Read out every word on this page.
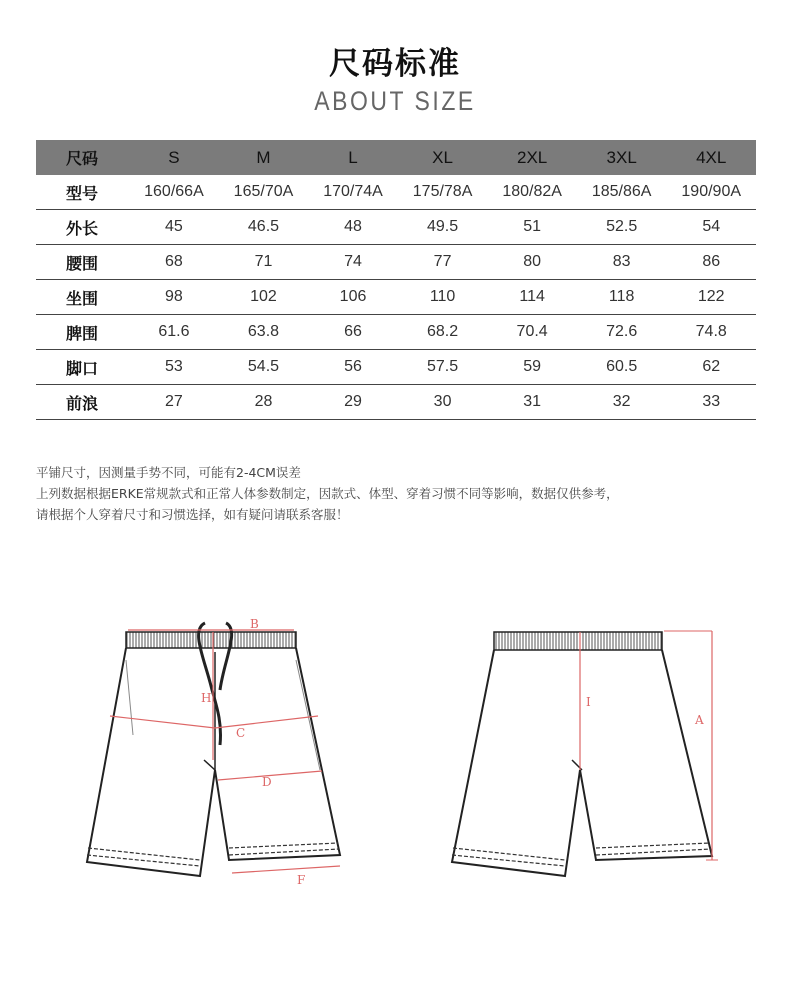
尺码标准
ABOUT SIZE
尺码	S	M	L	XL	2XL	3XL	4XL
型号	160/66A	165/70A	170/74A	175/78A	180/82A	185/86A	190/90A
外长	45	46.5	48	49.5	51	52.5	54
腰围	68	71	74	77	80	83	86
坐围	98	102	106	110	114	118	122
脾围	61.6	63.8	66	68.2	70.4	72.6	74.8
脚口	53	54.5	56	57.5	59	60.5	62
前浪	27	28	29	30	31	32	33
平铺尺寸，因测量手势不同，可能有2-4CM误差
上列数据根据ERKE常规款式和正常人体参数制定，因款式、体型、穿着习惯不同等影响，数据仅供参考，
请根据个人穿着尺寸和习惯选择，如有疑问请联系客服！
B
H
C
D
F
I
A
